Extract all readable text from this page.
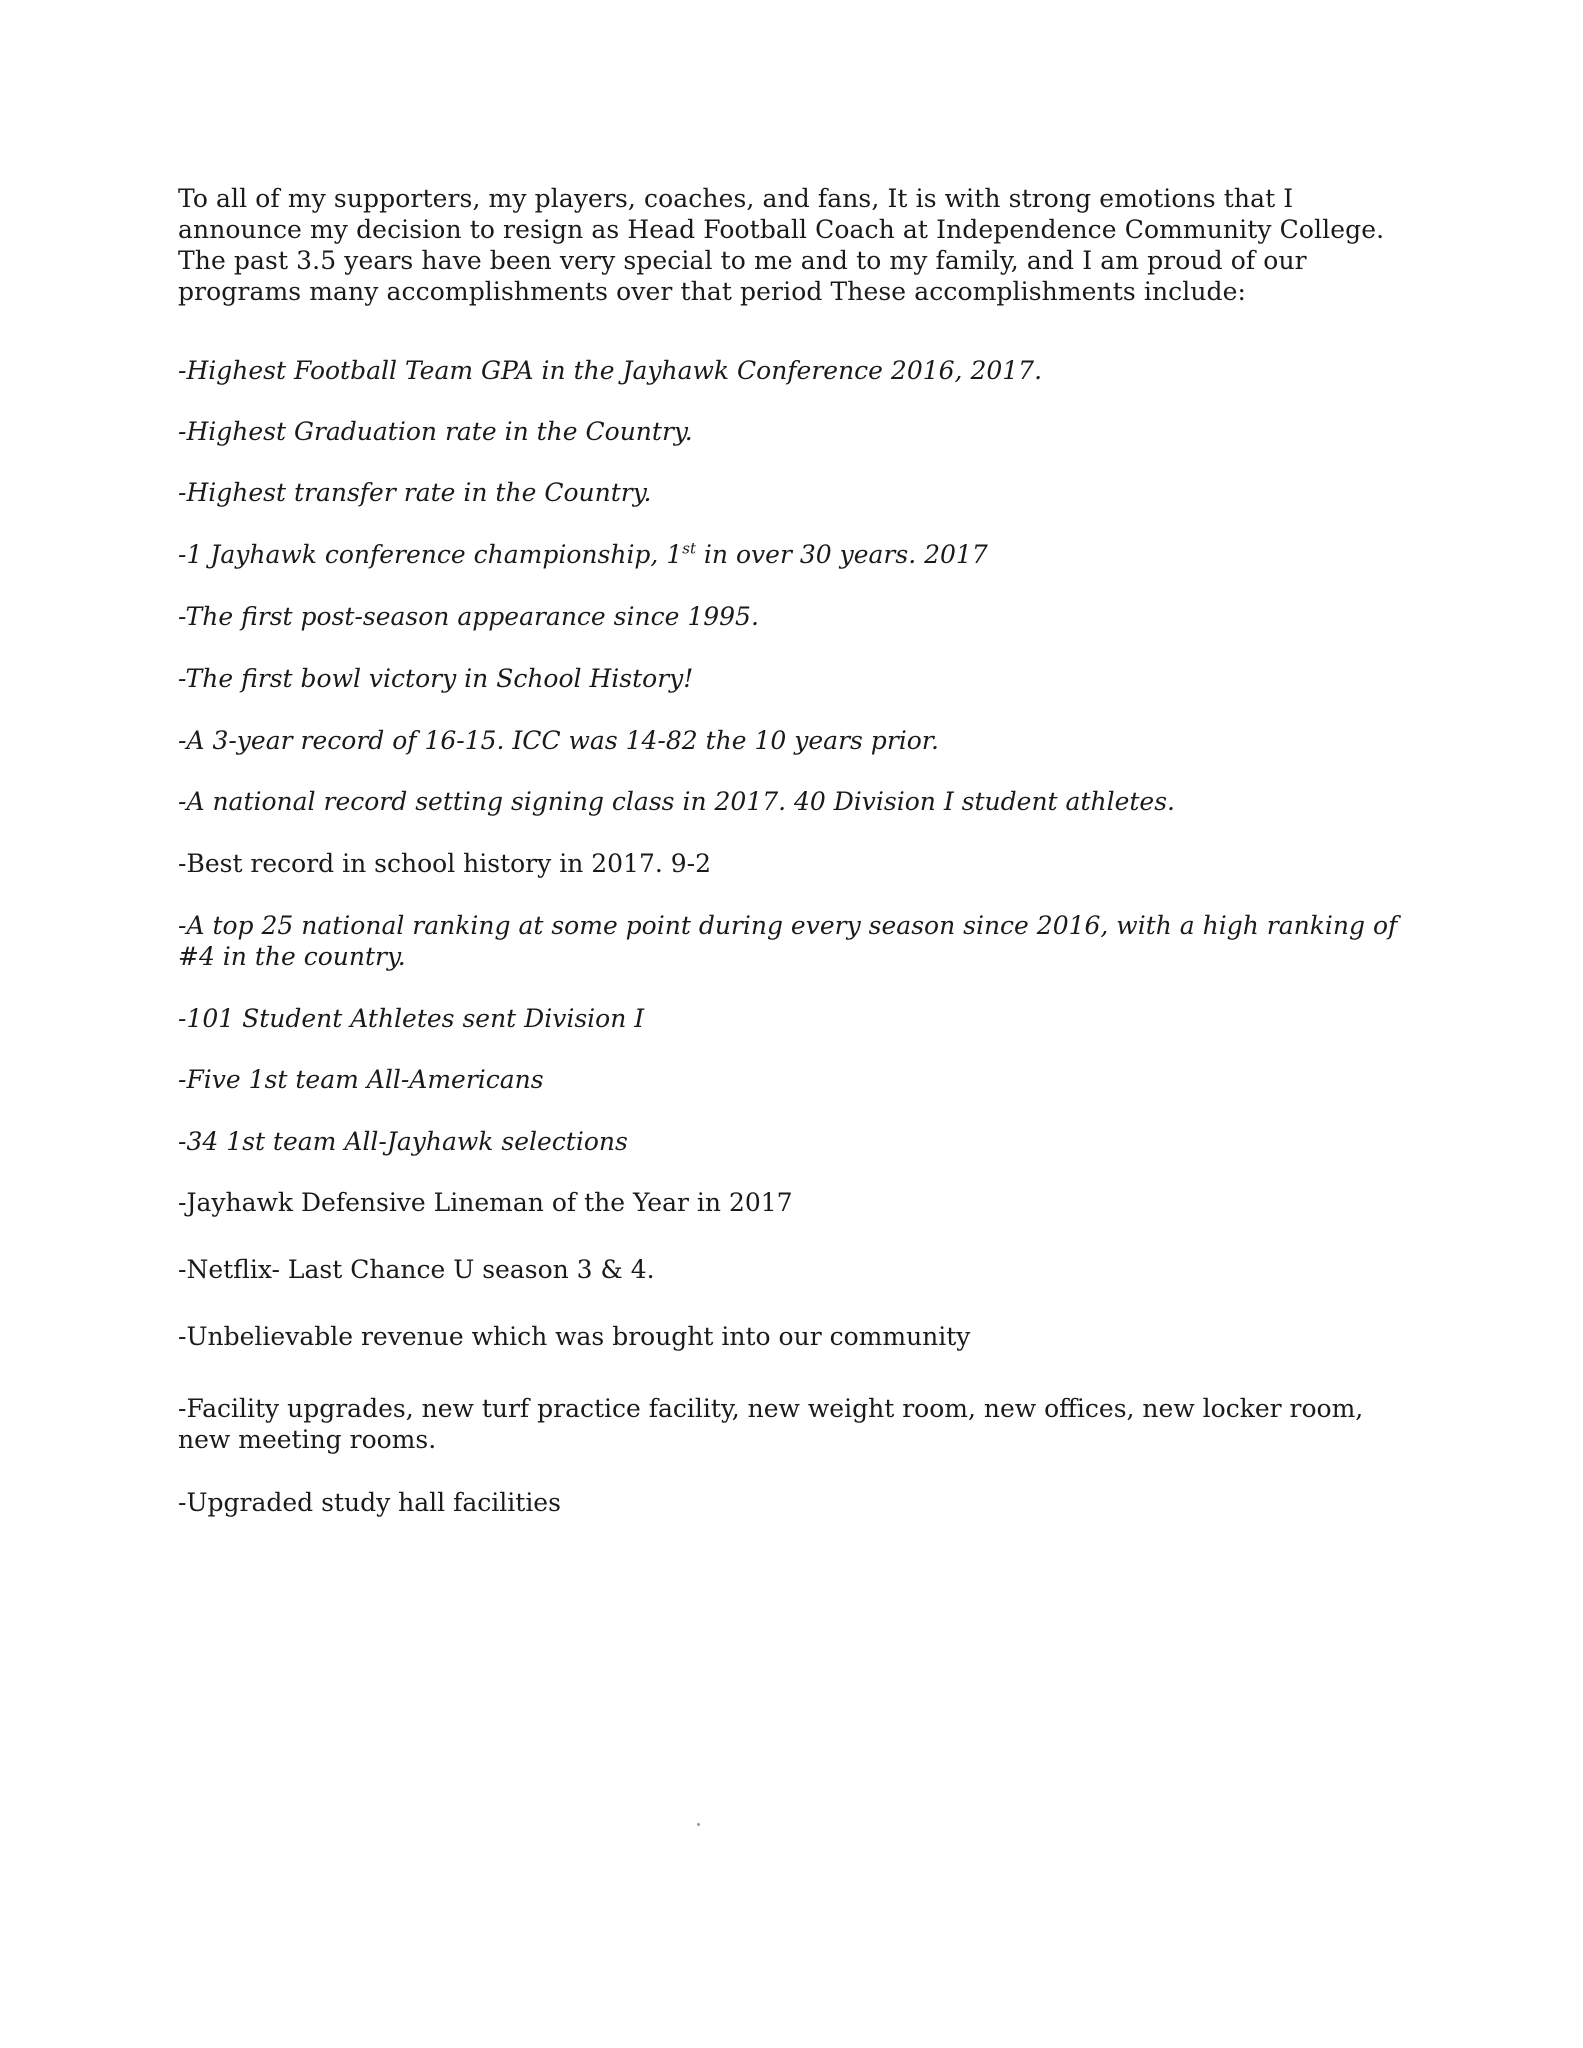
To all of my supporters, my players, coaches, and fans, It is with strong emotions that I announce my decision to resign as Head Football Coach at Independence Community College. The past 3.5 years have been very special to me and to my family, and I am proud of our programs many accomplishments over that period These accomplishments include:
-Highest Football Team GPA in the Jayhawk Conference 2016, 2017.
-Highest Graduation rate in the Country.
-Highest transfer rate in the Country.
-1 Jayhawk conference championship, 1st in over 30 years. 2017
-The first post-season appearance since 1995.
-The first bowl victory in School History!
-A 3-year record of 16-15. ICC was 14-82 the 10 years prior.
-A national record setting signing class in 2017. 40 Division I student athletes.
-Best record in school history in 2017. 9-2
-A top 25 national ranking at some point during every season since 2016, with a high ranking of #4 in the country.
-101 Student Athletes sent Division I
-Five 1st team All-Americans
-34 1st team All-Jayhawk selections
-Jayhawk Defensive Lineman of the Year in 2017
-Netflix- Last Chance U season 3 & 4.
-Unbelievable revenue which was brought into our community
-Facility upgrades, new turf practice facility, new weight room, new offices, new locker room, new meeting rooms.
-Upgraded study hall facilities
